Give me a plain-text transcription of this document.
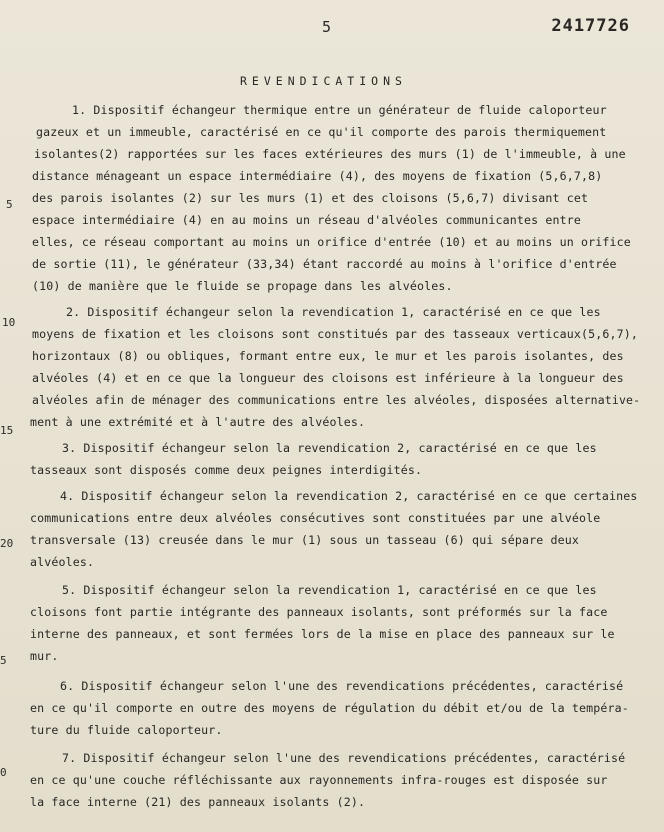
5	2417726
REVENDICATIONS
5
10
15
20
5
0
1. Dispositif échangeur thermique entre un générateur de fluide caloporteur
gazeux et un immeuble, caractérisé en ce qu'il comporte des parois thermiquement
isolantes(2) rapportées sur les faces extérieures des murs (1) de l'immeuble, à une
distance ménageant un espace intermédiaire (4), des moyens de fixation (5,6,7,8)
des parois isolantes (2) sur les murs (1) et des cloisons (5,6,7) divisant cet
espace intermédiaire (4) en au moins un réseau d'alvéoles communicantes entre
elles, ce réseau comportant au moins un orifice d'entrée (10) et au moins un orifice
de sortie (11), le générateur (33,34) étant raccordé au moins à l'orifice d'entrée
(10) de manière que le fluide se propage dans les alvéoles.
2. Dispositif échangeur selon la revendication 1, caractérisé en ce que les
moyens de fixation et les cloisons sont constitués par des tasseaux verticaux(5,6,7),
horizontaux (8) ou obliques, formant entre eux, le mur et les parois isolantes, des
alvéoles (4) et en ce que la longueur des cloisons est inférieure à la longueur des
alvéoles afin de ménager des communications entre les alvéoles, disposées alternative-
ment à une extrémité et à l'autre des alvéoles.
3. Dispositif échangeur selon la revendication 2, caractérisé en ce que les
tasseaux sont disposés comme deux peignes interdigités.
4. Dispositif échangeur selon la revendication 2, caractérisé en ce que certaines
communications entre deux alvéoles consécutives sont constituées par une alvéole
transversale (13) creusée dans le mur (1) sous un tasseau (6) qui sépare deux
alvéoles.
5. Dispositif échangeur selon la revendication 1, caractérisé en ce que les
cloisons font partie intégrante des panneaux isolants, sont préformés sur la face
interne des panneaux, et sont fermées lors de la mise en place des panneaux sur le
mur.
6. Dispositif échangeur selon l'une des revendications précédentes, caractérisé
en ce qu'il comporte en outre des moyens de régulation du débit et/ou de la tempéra-
ture du fluide caloporteur.
7. Dispositif échangeur selon l'une des revendications précédentes, caractérisé
en ce qu'une couche réfléchissante aux rayonnements infra-rouges est disposée sur
la face interne (21) des panneaux isolants (2).
